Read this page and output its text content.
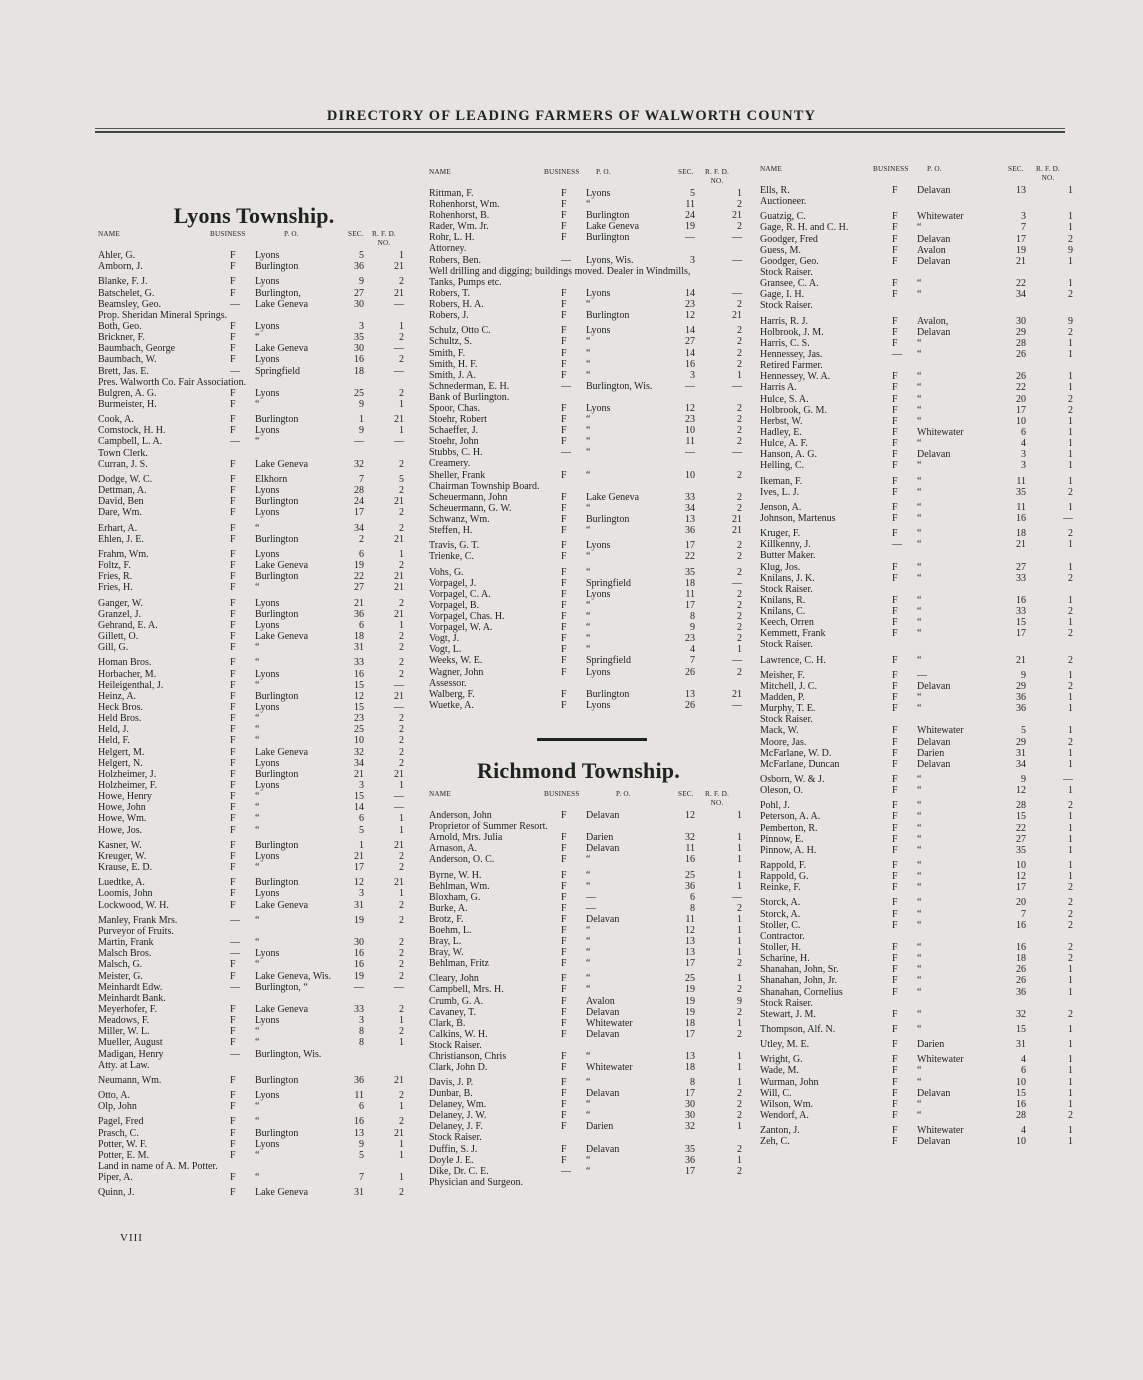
DIRECTORY OF LEADING FARMERS OF WALWORTH COUNTY
Lyons Township.
NAME	BUSINESS	P. O.	SEC. R. F. D.
NO.
Ahler, G.	F Lyons	5	1
Amborn, J.	F Burlington	36	21
Blanke, F. J.	F Lyons	9	2
Batschelet, G.	F Burlington,	27	21
Beamsley, Geo.	— Lake Geneva	30	—
Prop. Sheridan Mineral Springs.
Both, Geo.	F Lyons	3	1
Brickner, F.	F “	35	2
Baumbach, George	F Lake Geneva	30	—
Baumbach, W.	F Lyons	16	2
Brett, Jas. E.	— Springfield	18	—
Pres. Walworth Co. Fair Association.
Bulgren, A. G.	F Lyons	25	2
Burmeister, H.	F “	9	1
Cook, A.	F Burlington	1	21
Comstock, H. H.	F Lyons	9	1
Campbell, L. A.	— “	—	—
Town Clerk.
Curran, J. S.	F Lake Geneva	32	2
Dodge, W. C.	F Elkhorn	7	5
Dettman, A.	F Lyons	28	2
David, Ben	F Burlington	24	21
Dare, Wm.	F Lyons	17	2
Erhart, A.	F “	34	2
Ehlen, J. E.	F Burlington	2	21
Frahm, Wm.	F Lyons	6	1
Foltz, F.	F Lake Geneva	19	2
Fries, R.	F Burlington	22	21
Fries, H.	F “	27	21
Ganger, W.	F Lyons	21	2
Granzel, J.	F Burlington	36	21
Gehrand, E. A.	F Lyons	6	1
Gillett, O.	F Lake Geneva	18	2
Gill, G.	F “	31	2
Homan Bros.	F “	33	2
Horbacher, M.	F Lyons	16	2
Heileigenthal, J.	F “	15	—
Heinz, A.	F Burlington	12	21
Heck Bros.	F Lyons	15	—
Held Bros.	F “	23	2
Held, J.	F “	25	2
Held, F.	F “	10	2
Helgert, M.	F Lake Geneva	32	2
Helgert, N.	F Lyons	34	2
Holzheimer, J.	F Burlington	21	21
Holzheimer, F.	F Lyons	3	1
Howe, Henry	F “	15	—
Howe, John	F “	14	—
Howe, Wm.	F “	6	1
Howe, Jos.	F “	5	1
Kasner, W.	F Burlington	1	21
Kreuger, W.	F Lyons	21	2
Krause, E. D.	F “	17	2
Luedtke, A.	F Burlington	12	21
Loomis, John	F Lyons	3	1
Lockwood, W. H.	F Lake Geneva	31	2
Manley, Frank Mrs.	— “	19	2
Purveyor of Fruits.
Martin, Frank	— “	30	2
Malsch Bros.	— Lyons	16	2
Malsch, G.	F “	16	2
Meister, G.	F Lake Geneva, Wis.	19	2
Meinhardt Edw.	— Burlington, “	—	—
Meinhardt Bank.
Meyerhofer, F.	F Lake Geneva	33	2
Meadows, F.	F Lyons	3	1
Miller, W. L.	F “	8	2
Mueller, August	F “	8	1
Madigan, Henry	— Burlington, Wis.
Atty. at Law.
Neumann, Wm.	F Burlington	36	21
Otto, A.	F Lyons	11	2
Olp, John	F “	6	1
Pagel, Fred	F “	16	2
Prasch, C.	F Burlington	13	21
Potter, W. F.	F Lyons	9	1
Potter, E. M.	F “	5	1
Land in name of A. M. Potter.
Piper, A.	F “	7	1
Quinn, J.	F Lake Geneva	31	2
NAME	BUSINESS P. O.	SEC. R. F. D.
NO.
Rittman, F.	F Lyons	5	1
Rohenhorst, Wm.	F “	11	2
Rohenhorst, B.	F Burlington	24	21
Rader, Wm. Jr.	F Lake Geneva	19	2
Rohr, L. H.	F Burlington	—	—
Attorney.
Robers, Ben.	— Lyons, Wis.	3	—
Well drilling and digging; buildings moved. Dealer in Windmills,
Tanks, Pumps etc.
Robers, T.	F Lyons	14	—
Robers, H. A.	F “	23	2
Robers, J.	F Burlington	12	21
Schulz, Otto C.	F Lyons	14	2
Schultz, S.	F “	27	2
Smith, F.	F “	14	2
Smith, H. F.	F “	16	2
Smith, J. A.	F “	3	1
Schnederman, E. H.	— Burlington, Wis.	—	—
Bank of Burlington.
Spoor, Chas.	F Lyons	12	2
Stoehr, Robert	F “	23	2
Schaeffer, J.	F “	10	2
Stoehr, John	F “	11	2
Stubbs, C. H.	— “	—	—
Creamery.
Sheller, Frank	F “	10	2
Chairman Township Board.
Scheuermann, John	F Lake Geneva	33	2
Scheuermann, G. W.	F “	34	2
Schwanz, Wm.	F Burlington	13	21
Steffen, H.	F “	36	21
Travis, G. T.	F Lyons	17	2
Trienke, C.	F “	22	2
Vohs, G.	F “	35	2
Vorpagel, J.	F Springfield	18	—
Vorpagel, C. A.	F Lyons	11	2
Vorpagel, B.	F “	17	2
Vorpagel, Chas. H.	F “	8	2
Vorpagel, W. A.	F “	9	2
Vogt, J.	F “	23	2
Vogt, L.	F “	4	1
Weeks, W. E.	F Springfield	7	—
Wagner, John	F Lyons	26	2
Assessor.
Walberg, F.	F Burlington	13	21
Wuetke, A.	F Lyons	26	—
Richmond Township.
NAME	BUSINESS	P. O.	SEC. R. F. D.
NO.
Anderson, John	F Delavan	12	1
Proprietor of Summer Resort.
Arnold, Mrs. Julia	F Darien	32	1
Arnason, A.	F Delavan	11	1
Anderson, O. C.	F “	16	1
Byrne, W. H.	F “	25	1
Behlman, Wm.	F “	36	1
Bloxham, G.	F —	6	—
Burke, A.	F —	8	2
Brotz, F.	F Delavan	11	1
Boehm, L.	F “	12	1
Bray, L.	F “	13	1
Bray, W.	F “	13	1
Behlman, Fritz	F “	17	2
Cleary, John	F “	25	1
Campbell, Mrs. H.	F “	19	2
Crumb, G. A.	F Avalon	19	9
Cavaney, T.	F Delavan	19	2
Clark, B.	F Whitewater	18	1
Calkins, W. H.	F Delavan	17	2
Stock Raiser.
Christianson, Chris	F “	13	1
Clark, John D.	F Whitewater	18	1
Davis, J. P.	F “	8	1
Dunbar, B.	F Delavan	17	2
Delaney, Wm.	F “	30	2
Delaney, J. W.	F “	30	2
Delaney, J. F.	F Darien	32	1
Stock Raiser.
Duffin, S. J.	F Delavan	35	2
Doyle J. E.	F “	36	1
Dike, Dr. C. E.	— “	17	2
Physician and Surgeon.
NAME	BUSINESS	P. O.	SEC. R. F. D.
NO.
Ells, R.	F Delavan	13	1
Auctioneer.
Guatzig, C.	F Whitewater	3	1
Gage, R. H. and C. H.	F “	7	1
Goodger, Fred	F Delavan	17	2
Guess, M.	F Avalon	19	9
Goodger, Geo.	F Delavan	21	1
Stock Raiser.
Gransee, C. A.	F “	22	1
Gage, I. H.	F “	34	2
Stock Raiser.
Harris, R. J.	F Avalon,	30	9
Holbrook, J. M.	F Delavan	29	2
Harris, C. S.	F “	28	1
Hennessey, Jas.	— “	26	1
Retired Farmer.
Hennessey, W. A.	F “	26	1
Harris A.	F “	22	1
Hulce, S. A.	F “	20	2
Holbrook, G. M.	F “	17	2
Herbst, W.	F “	10	1
Hadley, E.	F Whitewater	6	1
Hulce, A. F.	F “	4	1
Hanson, A. G.	F Delavan	3	1
Helling, C.	F “	3	1
Ikeman, F.	F “	11	1
Ives, L. J.	F “	35	2
Jenson, A.	F “	11	1
Johnson, Martenus	F “	16	—
Kruger, F.	F “	18	2
Killkenny, J.	— “	21	1
Butter Maker.
Klug, Jos.	F “	27	1
Knilans, J. K.	F “	33	2
Stock Raiser.
Knilans, R.	F “	16	1
Knilans, C.	F “	33	2
Keech, Orren	F “	15	1
Kemmett, Frank	F “	17	2
Stock Raiser.
Lawrence, C. H.	F “	21	2
Meisher, F.	F —	9	1
Mitchell, J. C.	F Delavan	29	2
Madden, P.	F “	36	1
Murphy, T. E.	F “	36	1
Stock Raiser.
Mack, W.	F Whitewater	5	1
Moore, Jas.	F Delavan	29	2
McFarlane, W. D.	F Darien	31	1
McFarlane, Duncan	F Delavan	34	1
Osborn, W. & J.	F “	9	—
Oleson, O.	F “	12	1
Pohl, J.	F “	28	2
Peterson, A. A.	F “	15	1
Pemberton, R.	F “	22	1
Pinnow, E.	F “	27	1
Pinnow, A. H.	F “	35	1
Rappold, F.	F “	10	1
Rappold, G.	F “	12	1
Reinke, F.	F “	17	2
Storck, A.	F “	20	2
Storck, A.	F “	7	2
Stoller, C.	F “	16	2
Contractor.
Stoller, H.	F “	16	2
Scharine, H.	F “	18	2
Shanahan, John, Sr.	F “	26	1
Shanahan, John, Jr.	F “	26	1
Shanahan, Cornelius	F “	36	1
Stock Raiser.
Stewart, J. M.	F “	32	2
Thompson, Alf. N.	F “	15	1
Utley, M. E.	F Darien	31	1
Wright, G.	F Whitewater	4	1
Wade, M.	F “	6	1
Wurman, John	F “	10	1
Will, C.	F Delavan	15	1
Wilson, Wm.	F “	16	1
Wendorf, A.	F “	28	2
Zanton, J.	F Whitewater	4	1
Zeh, C.	F Delavan	10	1
VIII
